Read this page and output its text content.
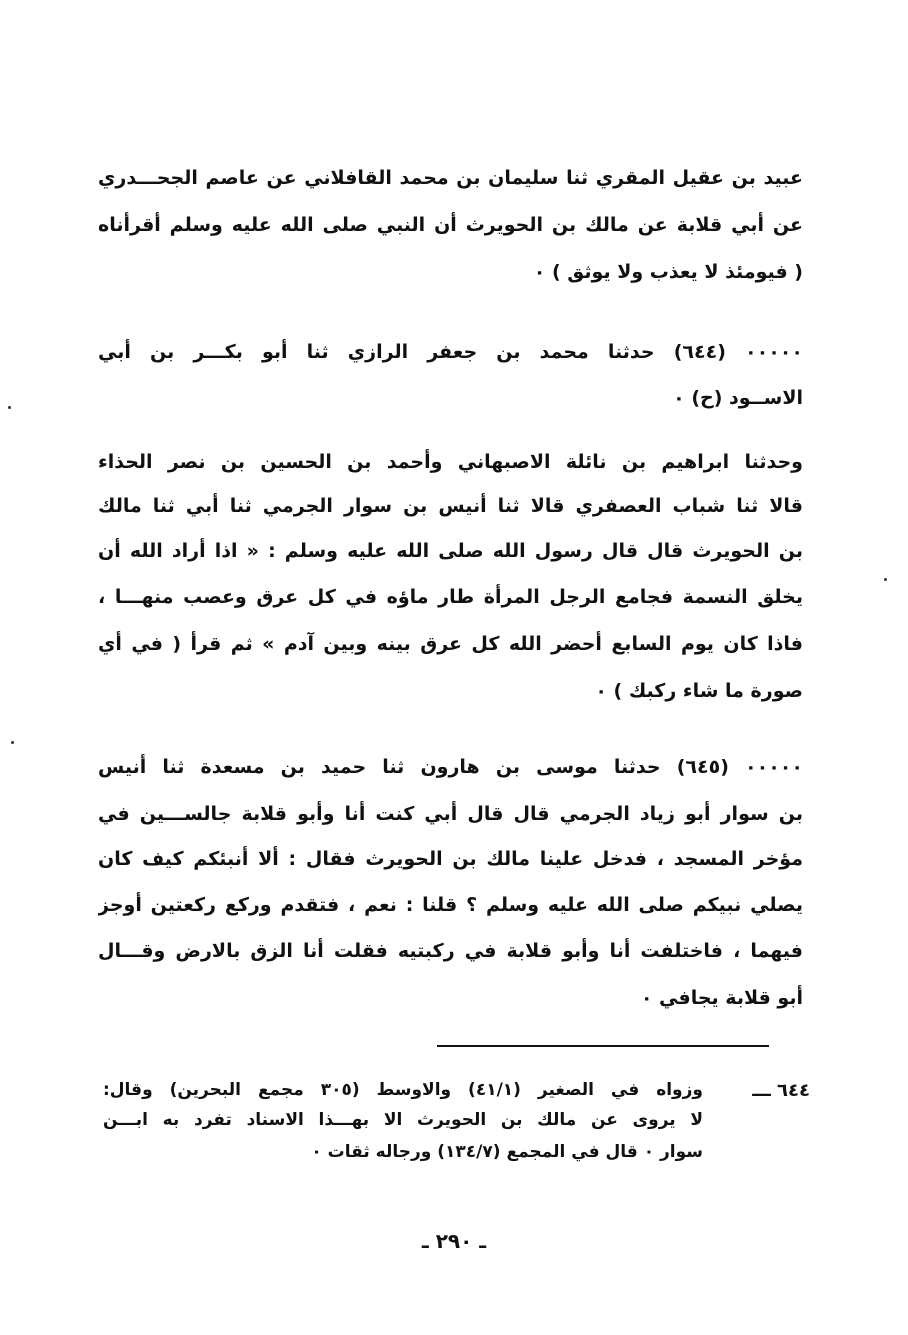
عبيد بن عقيل المقري ثنا سليمان بن محمد القافلاني عن عاصم الجحـــدري
عن أبي قلابة عن مالك بن الحويرث أن النبي صلى الله عليه وسلم أقرأناه
( فيومئذ لا يعذب ولا يوثق ) ٠
٠٠٠٠٠ (٦٤٤) حدثنا محمد بن جعفر الرازي ثنا أبو بكـــر بن أبي
الاســود (ح) ٠
وحدثنا ابراهيم بن نائلة الاصبهاني وأحمد بن الحسين بن نصر الحذاء
قالا ثنا شباب العصفري قالا ثنا أنيس بن سوار الجرمي ثنا أبي ثنا مالك
بن الحويرث قال قال رسول الله صلى الله عليه وسلم : « اذا أراد الله أن
يخلق النسمة فجامع الرجل المرأة طار ماؤه في كل عرق وعصب منهـــا ،
فاذا كان يوم السابع أحضر الله كل عرق بينه وبين آدم » ثم قرأ ( في أي
صورة ما شاء ركبك ) ٠
٠٠٠٠٠ (٦٤٥) حدثنا موسى بن هارون ثنا حميد بن مسعدة ثنا أنيس
بن سوار أبو زياد الجرمي قال قال أبي كنت أنا وأبو قلابة جالســـين في
مؤخر المسجد ، فدخل علينا مالك بن الحويرث فقال : ألا أنبئكم كيف كان
يصلي نبيكم صلى الله عليه وسلم ؟ قلنا : نعم ، فتقدم وركع ركعتين أوجز
فيهما ، فاختلفت أنا وأبو قلابة في ركبتيه فقلت أنا الزق بالارض وقـــال
أبو قلابة يجافي ٠
٦٤٤ ـــ
وزواه في الصغير (٤١/١) والاوسط (٣٠٥ مجمع البحرين) وقال:
لا يروى عن مالك بن الحويرث الا بهـــذا الاسناد تفرد به ابـــن
سوار ٠ قال في المجمع (١٣٤/٧) ورجاله ثقات ٠
ـ ٢٩٠ ـ
